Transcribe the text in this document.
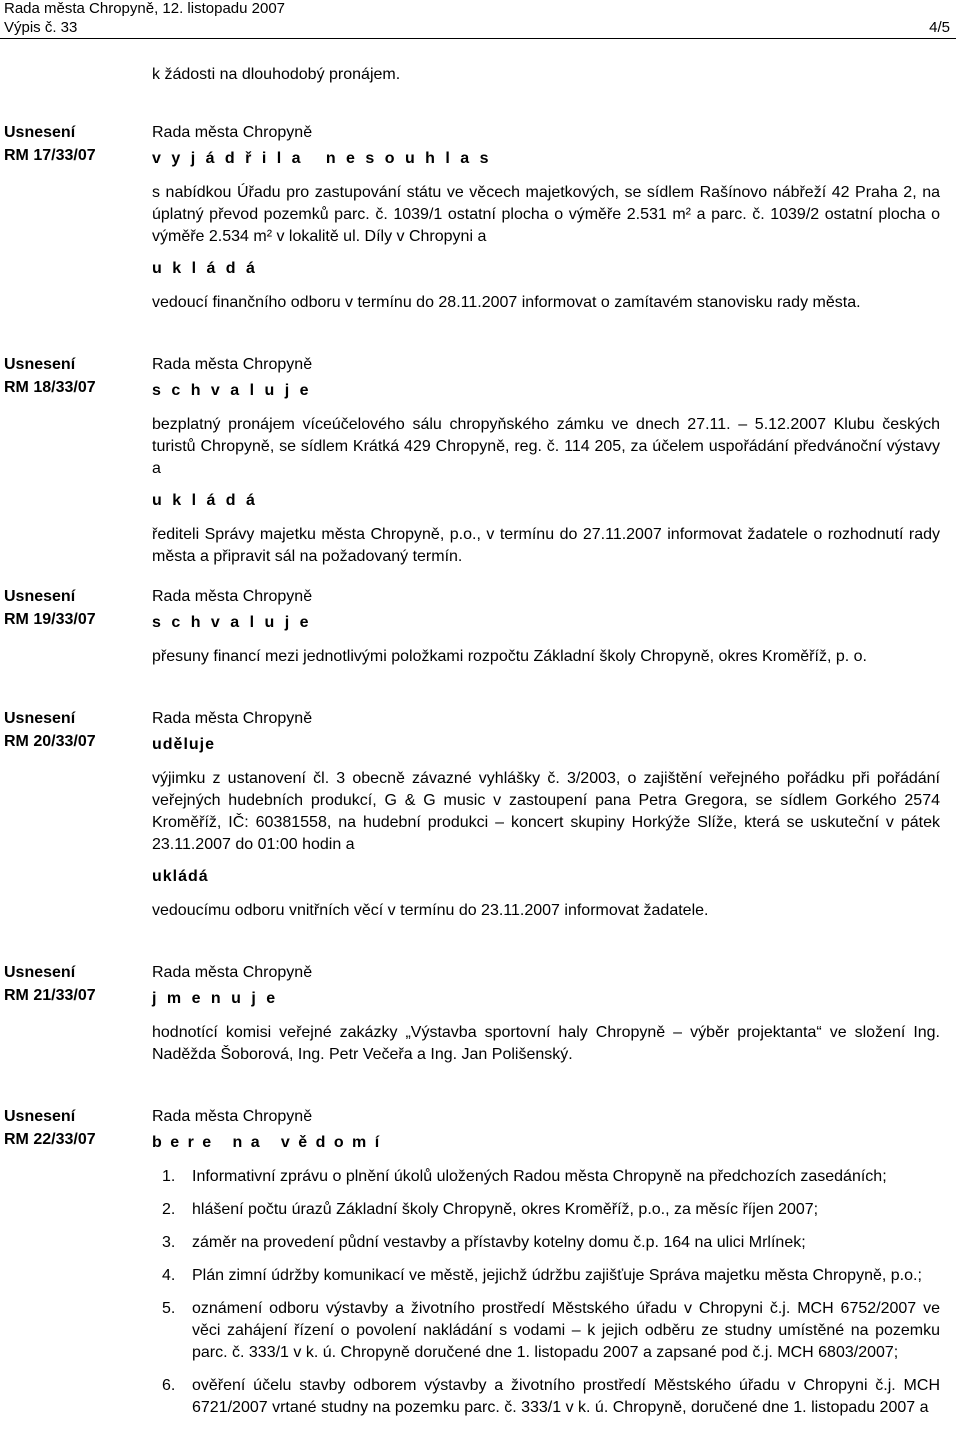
Rada města Chropyně, 12. listopadu 2007
Výpis č. 33	4/5
k žádosti na dlouhodobý pronájem.
Usnesení
RM 17/33/07
Rada města Chropyně
v y j á d ř i l a   n e s o u h l a s
s nabídkou Úřadu pro zastupování státu ve věcech majetkových, se sídlem Rašínovo nábřeží 42 Praha 2, na úplatný převod pozemků parc. č. 1039/1 ostatní plocha o výměře 2.531 m² a parc. č. 1039/2 ostatní plocha o výměře 2.534 m² v lokalitě ul. Díly v Chropyni a
u k l á d á
vedoucí finančního odboru v termínu do 28.11.2007 informovat o zamítavém stanovisku rady města.
Usnesení
RM 18/33/07
Rada města Chropyně
s c h v a l u j e
bezplatný pronájem víceúčelového sálu chropyňského zámku ve dnech 27.11. – 5.12.2007 Klubu českých turistů Chropyně, se sídlem Krátká 429 Chropyně, reg. č. 114 205, za účelem uspořádání předvánoční výstavy a
u k l á d á
řediteli Správy majetku města Chropyně, p.o., v termínu do 27.11.2007 informovat žadatele o rozhodnutí rady města a připravit sál na požadovaný termín.
Usnesení
RM 19/33/07
Rada města Chropyně
s c h v a l u j e
přesuny financí mezi jednotlivými položkami rozpočtu Základní školy Chropyně, okres Kroměříž, p. o.
Usnesení
RM 20/33/07
Rada města Chropyně
uděluje
výjimku z ustanovení čl. 3 obecně závazné vyhlášky č. 3/2003, o zajištění veřejného pořádku při pořádání veřejných hudebních produkcí, G & G music v zastoupení pana Petra Gregora, se sídlem Gorkého 2574 Kroměříž, IČ: 60381558, na hudební produkci – koncert skupiny Horkýže Slíže, která se uskuteční v pátek 23.11.2007 do 01:00 hodin a
ukládá
vedoucímu odboru vnitřních věcí v termínu do 23.11.2007 informovat žadatele.
Usnesení
RM 21/33/07
Rada města Chropyně
j m e n u j e
hodnotící komisi veřejné zakázky „Výstavba sportovní haly Chropyně – výběr projektanta“ ve složení Ing. Naděžda Šoborová, Ing. Petr Večeřa a Ing. Jan Polišenský.
Usnesení
RM 22/33/07
Rada města Chropyně
b e r e   n a   v ě d o m í
1. Informativní zprávu o plnění úkolů uložených Radou města Chropyně na předchozích zasedáních;
2. hlášení počtu úrazů Základní školy Chropyně, okres Kroměříž, p.o., za měsíc říjen 2007;
3. záměr na provedení půdní vestavby a přístavby kotelny domu č.p. 164 na ulici Mrlínek;
4. Plán zimní údržby komunikací ve městě, jejichž údržbu zajišťuje Správa majetku města Chropyně, p.o.;
5. oznámení odboru výstavby a životního prostředí Městského úřadu v Chropyni č.j. MCH 6752/2007 ve věci zahájení řízení o povolení nakládání s vodami – k jejich odběru ze studny umístěné na pozemku parc. č. 333/1 v k. ú. Chropyně doručené dne 1. listopadu 2007 a zapsané pod č.j. MCH 6803/2007;
6. ověření účelu stavby odborem výstavby a životního prostředí Městského úřadu v Chropyni č.j. MCH 6721/2007 vrtané studny na pozemku parc. č. 333/1 v k. ú. Chropyně, doručené dne 1. listopadu 2007 a
